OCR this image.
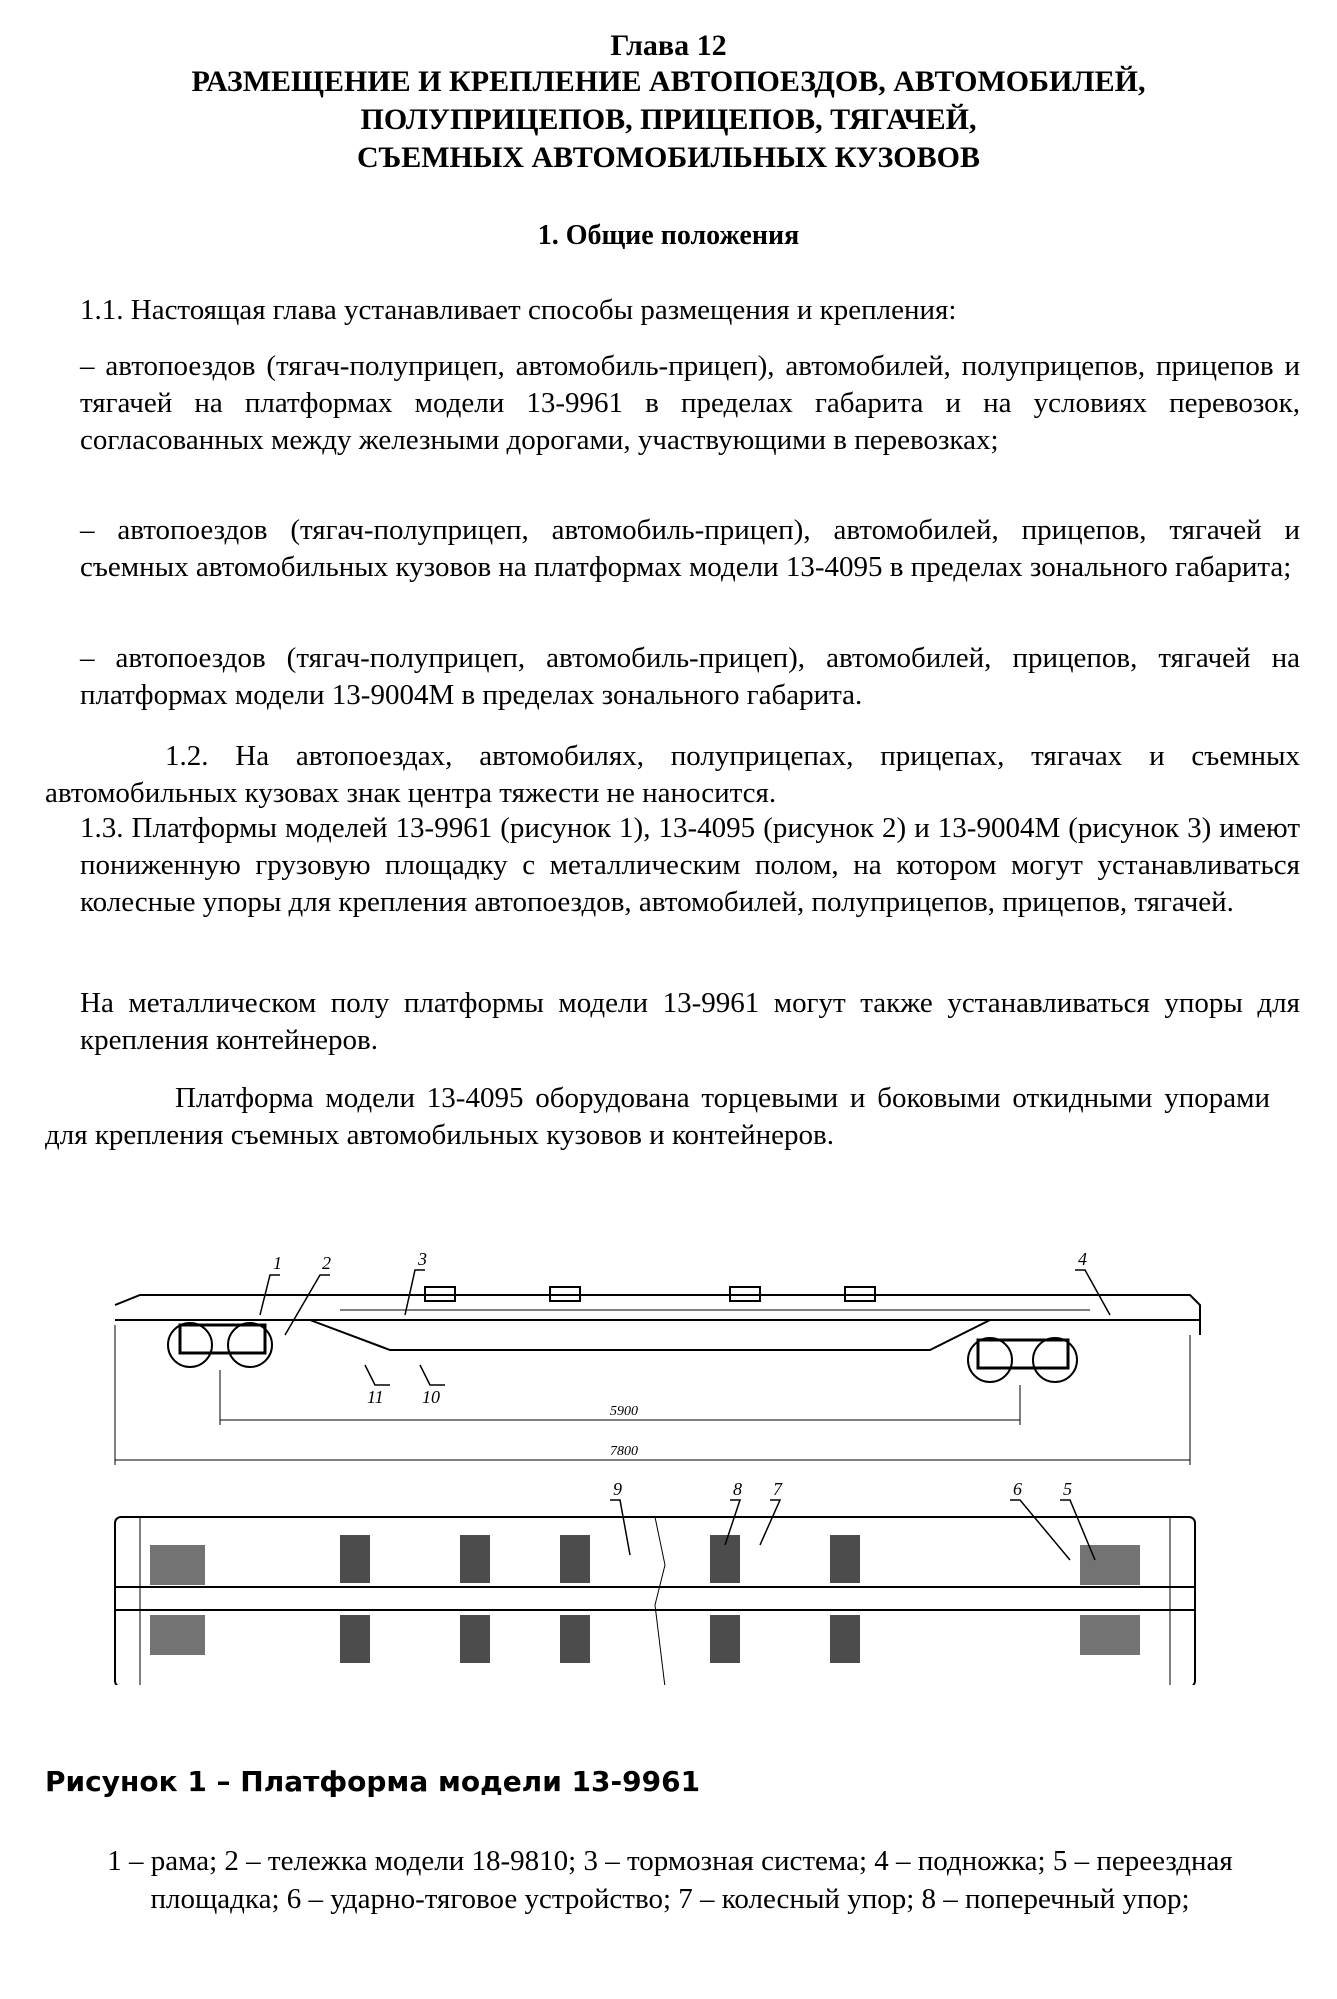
Глава 12
РАЗМЕЩЕНИЕ И КРЕПЛЕНИЕ АВТОПОЕЗДОВ, АВТОМОБИЛЕЙ,
ПОЛУПРИЦЕПОВ, ПРИЦЕПОВ, ТЯГАЧЕЙ,
СЪЕМНЫХ АВТОМОБИЛЬНЫХ КУЗОВОВ
1. Общие положения
1.1. Настоящая глава устанавливает способы размещения и крепления:
– автопоездов (тягач-полуприцеп, автомобиль-прицеп), автомобилей, полуприцепов, прицепов и тягачей на платформах модели 13-9961 в пределах габарита и на условиях перевозок, согласованных между железными дорогами, участвующими в перевозках;
– автопоездов (тягач-полуприцеп, автомобиль-прицеп), автомобилей, прицепов, тягачей и съемных автомобильных кузовов на платформах модели 13-4095 в пределах зонального габарита;
– автопоездов (тягач-полуприцеп, автомобиль-прицеп), автомобилей, прицепов, тягачей на платформах модели 13-9004М в пределах зонального габарита.
1.2. На автопоездах, автомобилях, полуприцепах, прицепах, тягачах и съемных автомобильных кузовах знак центра тяжести не наносится.
1.3. Платформы моделей 13-9961 (рисунок 1), 13-4095 (рисунок 2) и 13-9004М (рисунок 3) имеют пониженную грузовую площадку с металлическим полом, на котором могут устанавливаться колесные упоры для крепления автопоездов, автомобилей, полуприцепов, прицепов, тягачей.
На металлическом полу платформы модели 13-9961 могут также устанавливаться упоры для крепления контейнеров.
Платформа модели 13-4095 оборудована торцевыми и боковыми откидными упорами для крепления съемных автомобильных кузовов и контейнеров.
1 2	3	4
5
6
7
8
9
10
11
5900
7800
Рисунок 1 – Платформа модели 13-9961
1 – рама; 2 – тележка модели 18-9810; 3 – тормозная система; 4 – подножка; 5 – переездная площадка; 6 – ударно-тяговое устройство; 7 – колесный упор; 8 – поперечный упор;
